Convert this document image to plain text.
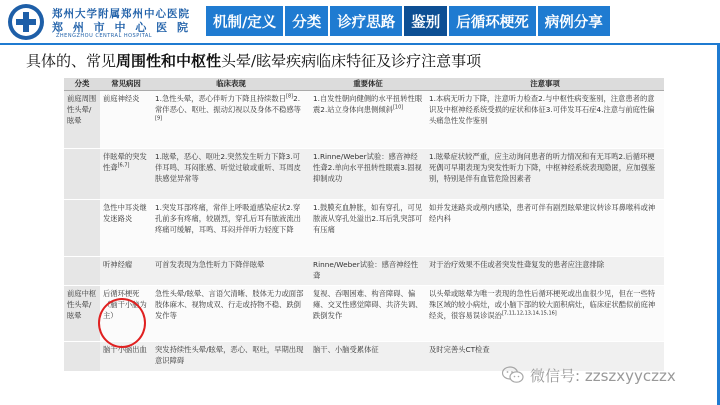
郑州大学附属郑州中心医院
郑 州 市 中 心 医 院
ZHENGZHOU CENTRAL HOSPITAL
机制/定义	分类	诊疗思路	鉴别	后循环梗死	病例分享
具体的、常见周围性和中枢性头晕/眩晕疾病临床特征及诊疗注意事项
分类	常见病因	临床表现	重要体征	注意事项
前庭周围性头晕/眩晕	前庭神经炎	1.急性头晕，恶心伴听力下降且持续数日[8]2.常伴恶心、呕吐、振动幻视以及身体不稳感等[9]	1.自发性朝向健侧的水平扭转性眼震2.站立身体向患侧倾斜[10]	1.本病无听力下降，注意听力检查2.与中枢性病变鉴别，注意患者的意识及中枢神经系统受损的症状和体征3.可伴发耳石症4.注意与前庭性偏头痛急性发作鉴别
	伴眩晕的突发性聋[6,7]	1.眩晕，恶心、呕吐2.突然发生听力下降3.可伴耳鸣、耳闷胀感、听觉过敏或重听、耳周皮肤感觉异常等	1.Rinne/Weber试验：感音神经性聋2.单向水平扭转性眼震3.固视抑制成功	1.眩晕症状较严重，应主动询问患者的听力情况和有无耳鸣2.后循环梗死偶可早期表现为突发性听力下降，中枢神经系统表现隐匿，应加强鉴别，特别是伴有血管危险因素者
	急性中耳炎继发迷路炎	1.突发耳部疼痛，常伴上呼吸道感染症状2.穿孔前多有疼痛，较剧烈，穿孔后耳有脓液流出疼痛可缓解，耳鸣、耳闷并伴听力轻度下降	1.鼓膜充血肿胀，如有穿孔，可见脓液从穿孔处溢出2.耳后乳突部可有压痛	如并发迷路炎或颅内感染，患者可伴有剧烈眩晕建议转诊耳鼻喉科或神经内科
	听神经瘤	可首发表现为急性听力下降伴眩晕	Rinne/Weber试验：感音神经性聋	对于治疗效果不佳或者突发性聋复发的患者应注意排除
前庭中枢性头晕/眩晕	后循环梗死（脑干小脑为主）	急性头晕/眩晕、言语欠清晰、肢体无力或面部肢体麻木、视物成双、行走或持物不稳、跌倒发作等	复视、吞咽困难、构音障碍、偏瘫、交叉性感觉障碍、共济失调、跌倒发作	以头晕或眩晕为唯一表现的急性后循环梗死或出血很少见，但在一些特殊区域的较小病灶，或小脑下部的较大面积病灶，临床症状酷似前庭神经炎，很容易误诊误治[7,11,12,13,14,15,16]
	脑干小脑出血	突发持续性头晕/眩晕，恶心、呕吐，早期出现意识障碍	脑干、小脑受累体征	及时完善头CT检查
微信号: zzszxyyczzx
